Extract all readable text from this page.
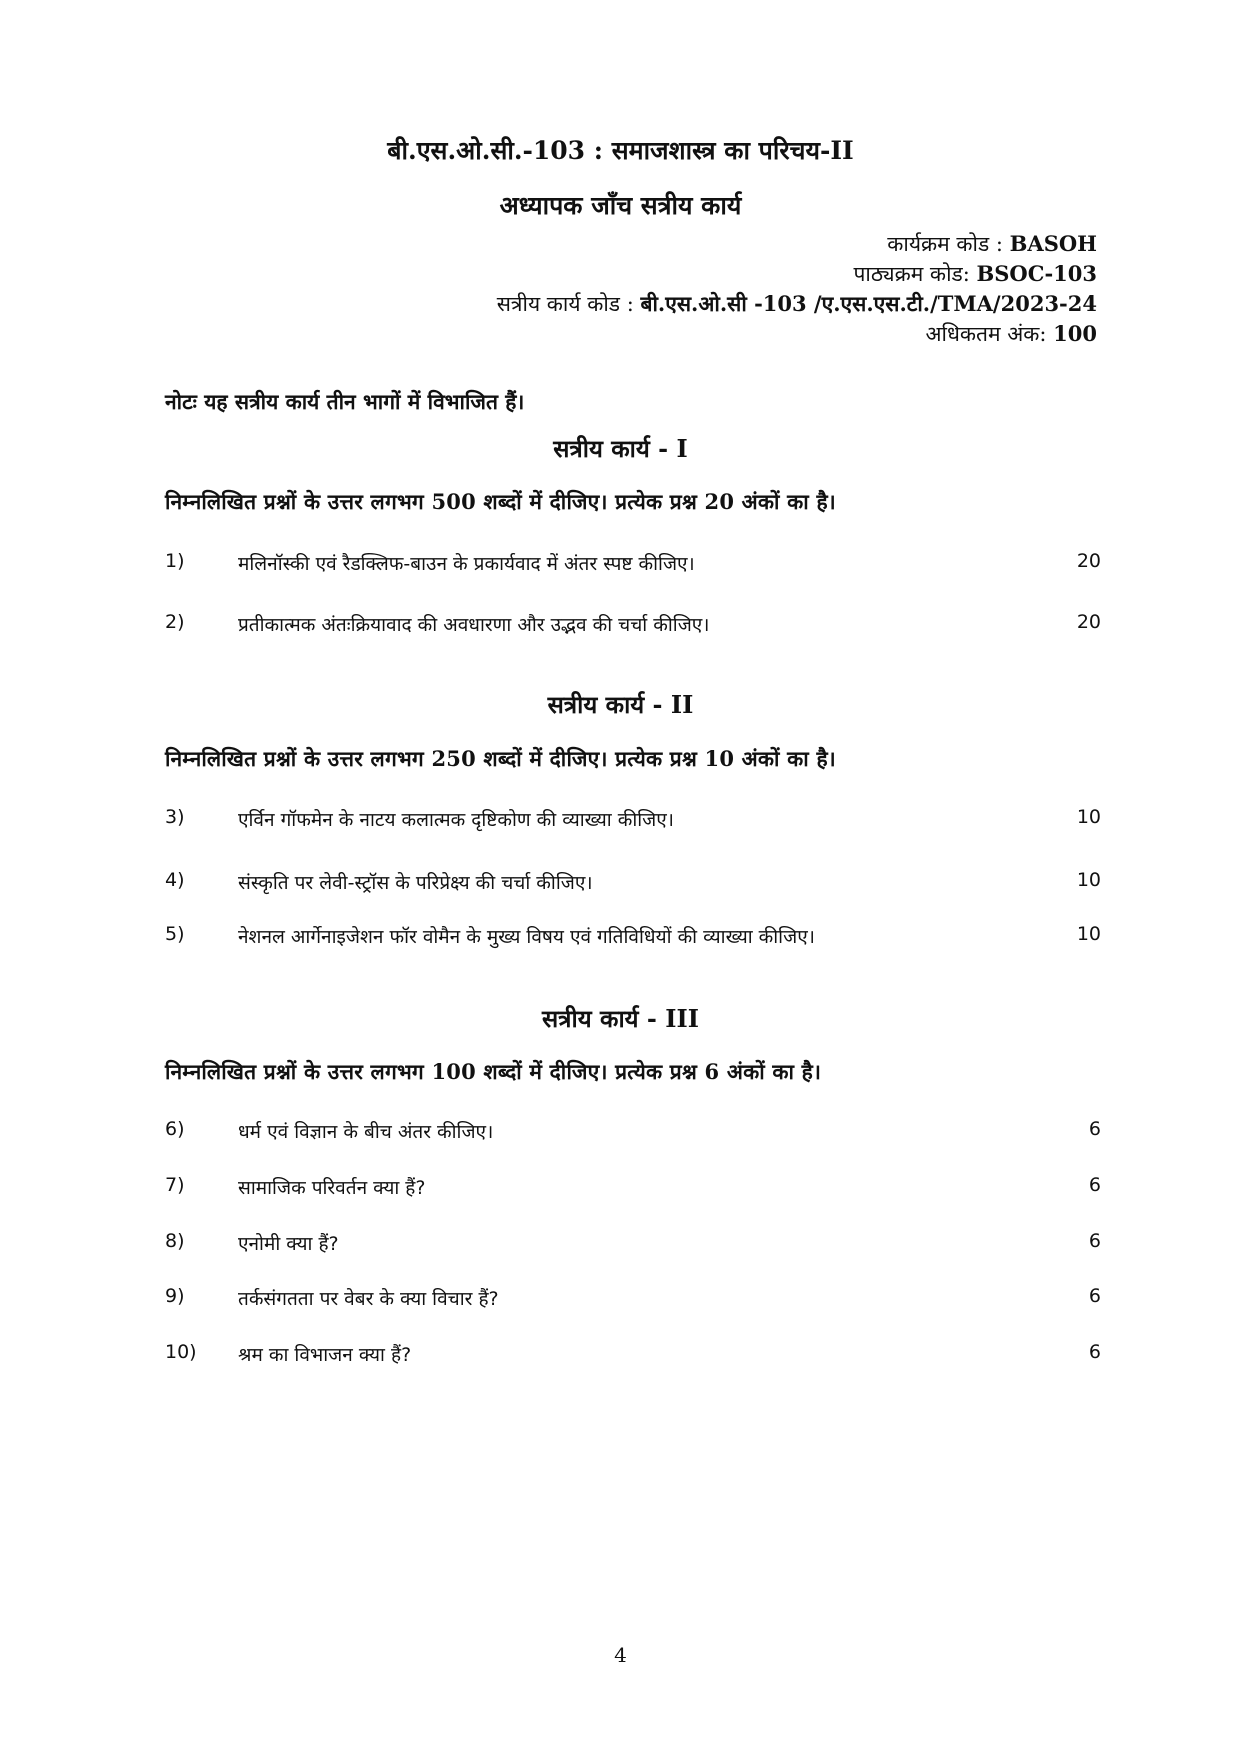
बी.एस.ओ.सी.-103 : समाजशास्त्र का परिचय-II
अध्यापक जाँच सत्रीय कार्य
कार्यक्रम कोड : BASOH
पाठ्यक्रम कोड: BSOC-103
सत्रीय कार्य कोड : बी.एस.ओ.सी -103 /ए.एस.एस.टी./TMA/2023-24
अधिकतम अंक: 100
नोटः यह सत्रीय कार्य तीन भागों में विभाजित हैं।
सत्रीय कार्य - I
निम्नलिखित प्रश्नों के उत्तर लगभग 500 शब्दों में दीजिए। प्रत्येक प्रश्न 20 अंकों का है।
1)	मलिनॉस्की एवं रैडक्लिफ-बाउन के प्रकार्यवाद में अंतर स्पष्ट कीजिए।	20
2)	प्रतीकात्मक अंतःक्रियावाद की अवधारणा और उद्भव की चर्चा कीजिए।	20
सत्रीय कार्य - II
निम्नलिखित प्रश्नों के उत्तर लगभग 250 शब्दों में दीजिए। प्रत्येक प्रश्न 10 अंकों का है।
3)	एर्विन गॉफमेन के नाटय कलात्मक दृष्टिकोण की व्याख्या कीजिए।	10
4)	संस्कृति पर लेवी-स्ट्रॉस के परिप्रेक्ष्य की चर्चा कीजिए।	10
5)	नेशनल आर्गेनाइजेशन फॉर वोमैन के मुख्य विषय एवं गतिविधियों की व्याख्या कीजिए।	10
सत्रीय कार्य - III
निम्नलिखित प्रश्नों के उत्तर लगभग 100 शब्दों में दीजिए। प्रत्येक प्रश्न 6 अंकों का है।
6)	धर्म एवं विज्ञान के बीच अंतर कीजिए।	6
7)	सामाजिक परिवर्तन क्या हैं?	6
8)	एनोमी क्या हैं?	6
9)	तर्कसंगतता पर वेबर के क्या विचार हैं?	6
10) श्रम का विभाजन क्या हैं?	6
4
